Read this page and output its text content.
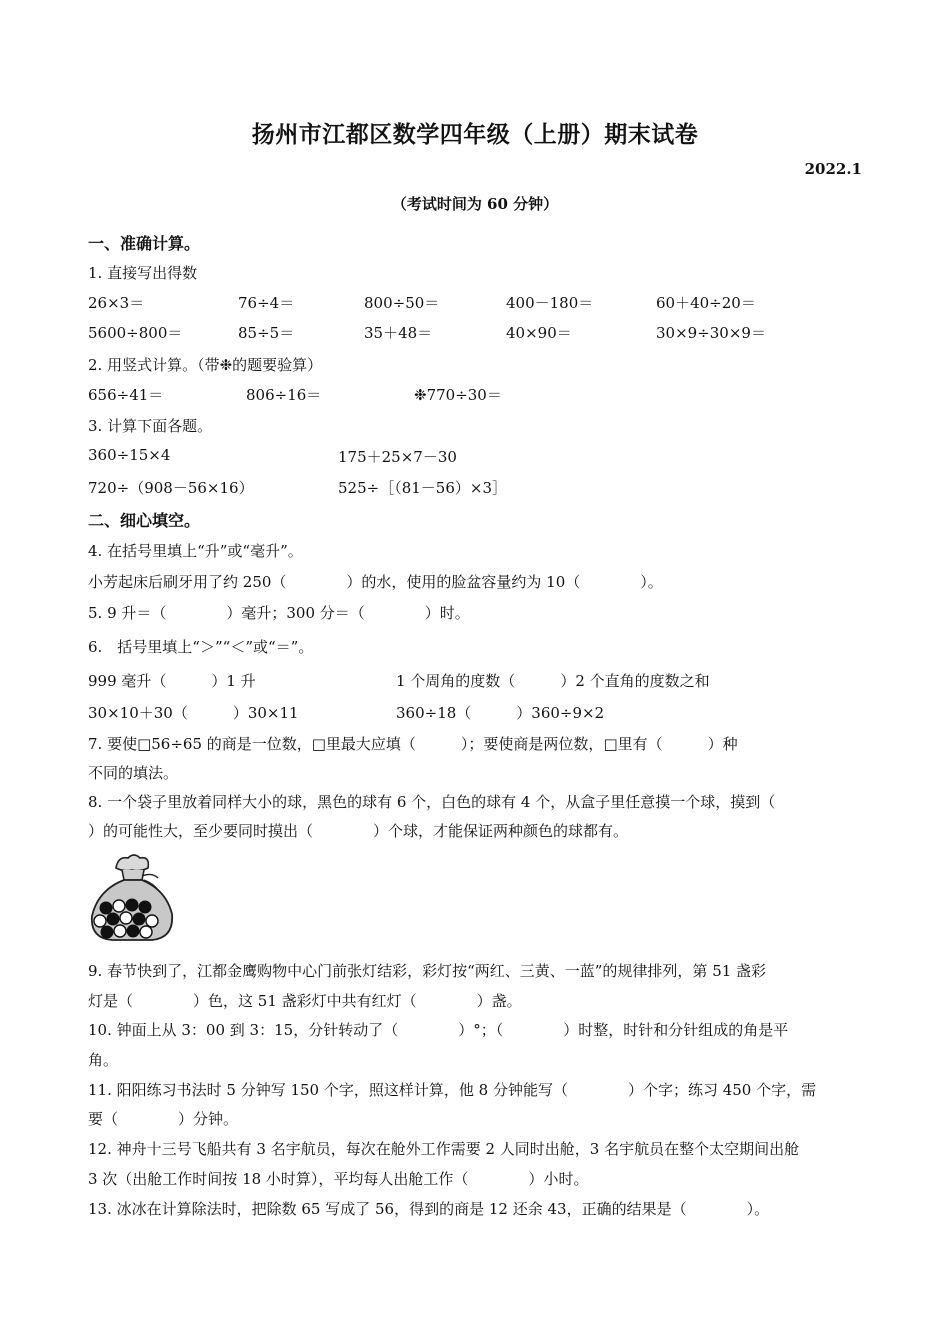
扬州市江都区数学四年级（上册）期末试卷
2022.1
（考试时间为 60 分钟）
一、准确计算。
1. 直接写出得数
26×3＝	76÷4＝	800÷50＝	400－180＝	60＋40÷20＝
5600÷800＝	85÷5＝	35＋48＝	40×90＝	30×9÷30×9＝
2. 用竖式计算。（带❉的题要验算）
656÷41＝	806÷16＝	❉770÷30＝
3. 计算下面各题。
360÷15×4	175＋25×7－30
720÷（908－56×16）	525÷［（81－56）×3］
二、细心填空。
4. 在括号里填上“升”或“毫升”。
小芳起床后刷牙用了约 250（　　　　）的水，使用的脸盆容量约为 10（　　　　）。
5. 9 升＝（　　　　）毫升；300 分＝（　　　　）时。
6.　括号里填上“＞”“＜”或“＝”。
999 毫升（　　　）1 升	1 个周角的度数（　　　）2 个直角的度数之和
30×10＋30（　　　）30×11	360÷18（　　　）360÷9×2
7. 要使□56÷65 的商是一位数，□里最大应填（　　　）；要使商是两位数，□里有（　　　）种
不同的填法。
8. 一个袋子里放着同样大小的球，黑色的球有 6 个，白色的球有 4 个，从盒子里任意摸一个球，摸到（
）的可能性大，至少要同时摸出（　　　　）个球，才能保证两种颜色的球都有。
9. 春节快到了，江都金鹰购物中心门前张灯结彩，彩灯按“两红、三黄、一蓝”的规律排列，第 51 盏彩
灯是（　　　　）色，这 51 盏彩灯中共有红灯（　　　　）盏。
10. 钟面上从 3：00 到 3：15，分针转动了（　　　　）°；（　　　　）时整，时针和分针组成的角是平
角。
11. 阳阳练习书法时 5 分钟写 150 个字，照这样计算，他 8 分钟能写（　　　　）个字；练习 450 个字，需
要（　　　　）分钟。
12. 神舟十三号飞船共有 3 名宇航员，每次在舱外工作需要 2 人同时出舱，3 名宇航员在整个太空期间出舱
3 次（出舱工作时间按 18 小时算），平均每人出舱工作（　　　　）小时。
13. 冰冰在计算除法时，把除数 65 写成了 56，得到的商是 12 还余 43，正确的结果是（　　　　）。
